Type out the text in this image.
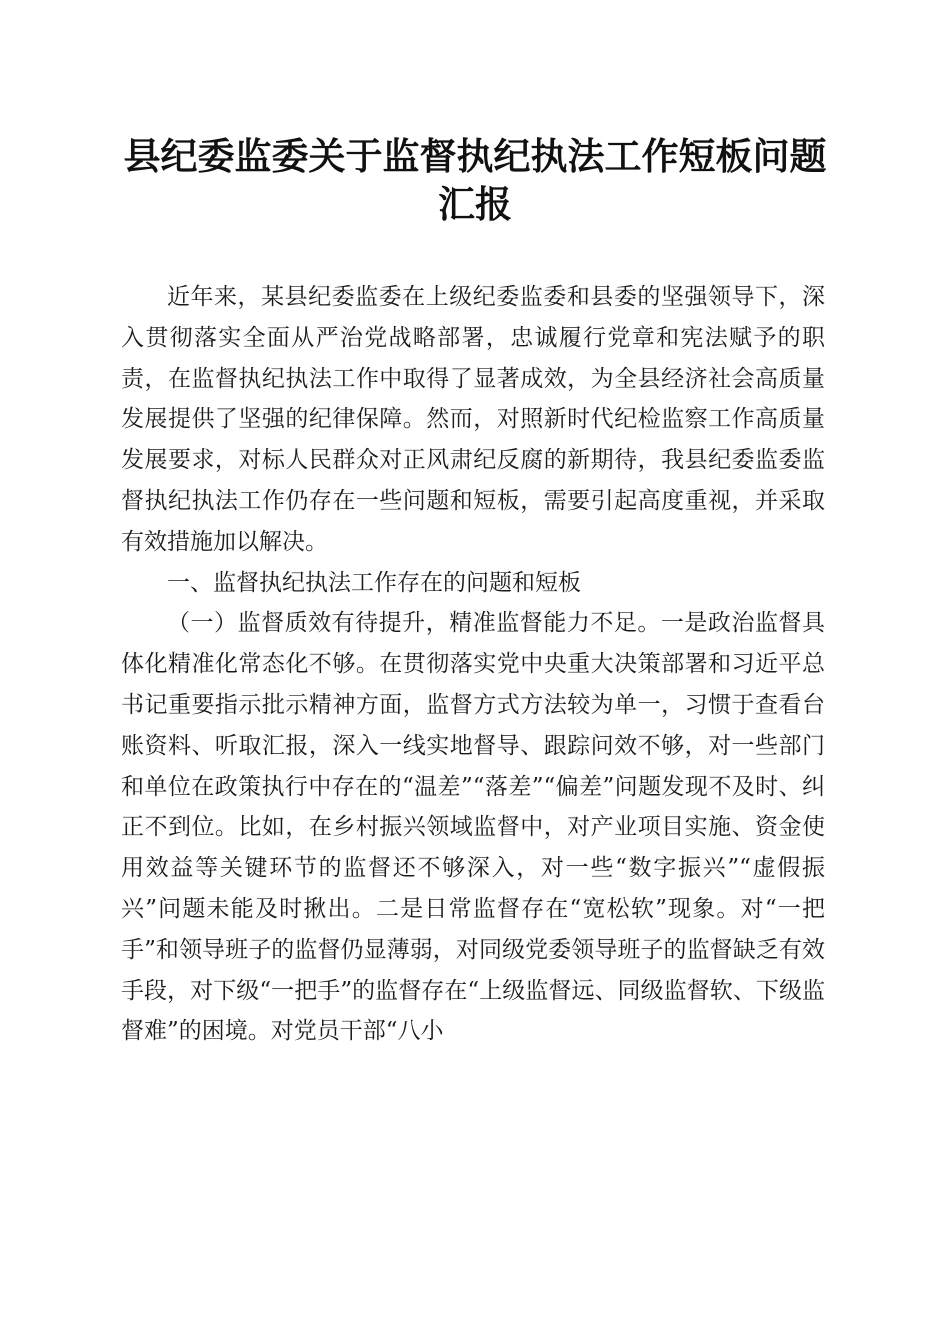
县纪委监委关于监督执纪执法工作短板问题汇报

近年来，某县纪委监委在上级纪委监委和县委的坚强领导下，深入贯彻落实全面从严治党战略部署，忠诚履行党章和宪法赋予的职责，在监督执纪执法工作中取得了显著成效，为全县经济社会高质量发展提供了坚强的纪律保障。然而，对照新时代纪检监察工作高质量发展要求，对标人民群众对正风肃纪反腐的新期待，我县纪委监委监督执纪执法工作仍存在一些问题和短板，需要引起高度重视，并采取有效措施加以解决。

一、监督执纪执法工作存在的问题和短板

（一）监督质效有待提升，精准监督能力不足。一是政治监督具体化精准化常态化不够。在贯彻落实党中央重大决策部署和习近平总书记重要指示批示精神方面，监督方式方法较为单一，习惯于查看台账资料、听取汇报，深入一线实地督导、跟踪问效不够，对一些部门和单位在政策执行中存在的“温差”“落差”“偏差”问题发现不及时、纠正不到位。比如，在乡村振兴领域监督中，对产业项目实施、资金使用效益等关键环节的监督还不够深入，对一些“数字振兴”“虚假振兴”问题未能及时揪出。二是日常监督存在“宽松软”现象。对“一把手”和领导班子的监督仍显薄弱，对同级党委领导班子的监督缺乏有效手段，对下级“一把手”的监督存在“上级监督远、同级监督软、下级监督难”的困境。对党员干部“八小
